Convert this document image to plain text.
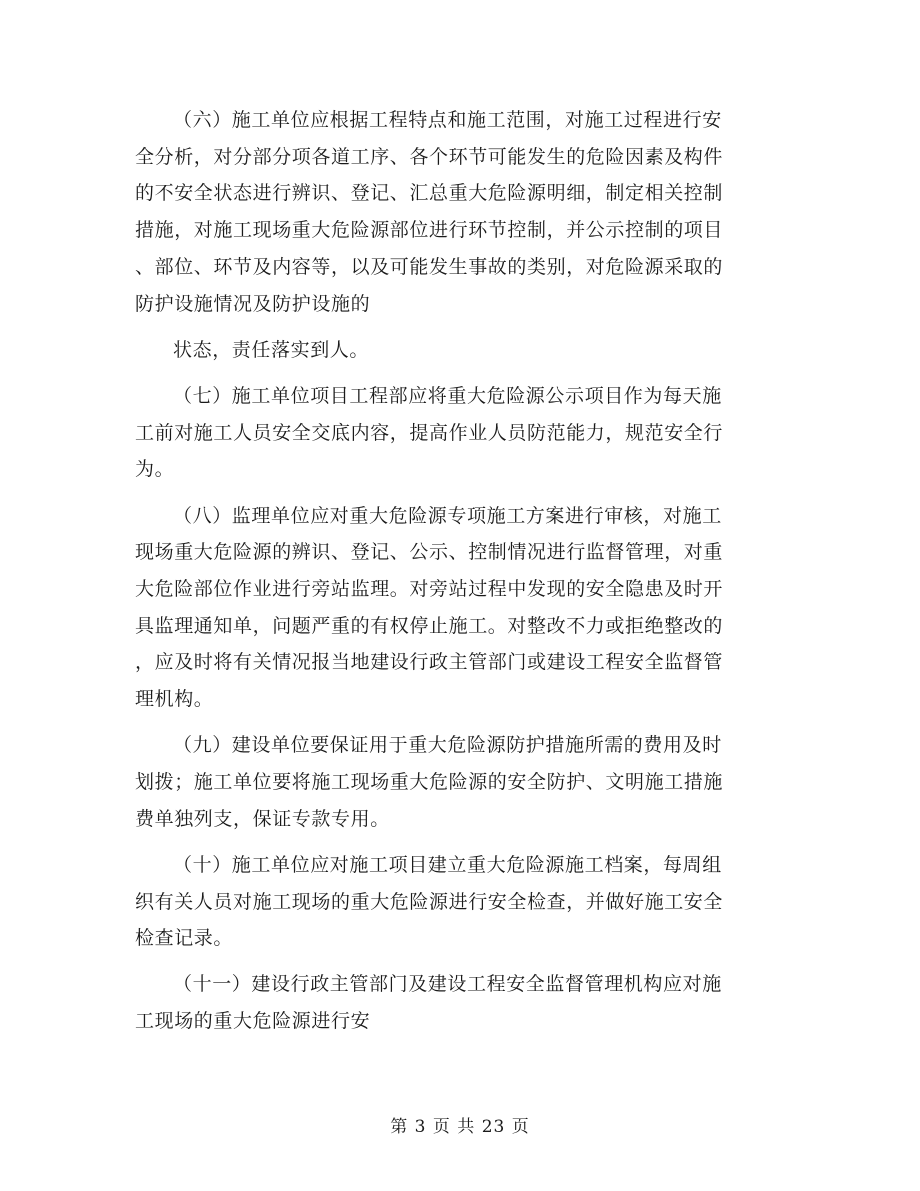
（六）施工单位应根据工程特点和施工范围，对施工过程进行安
全分析，对分部分项各道工序、各个环节可能发生的危险因素及构件
的不安全状态进行辨识、登记、汇总重大危险源明细，制定相关控制
措施，对施工现场重大危险源部位进行环节控制，并公示控制的项目
、部位、环节及内容等，以及可能发生事故的类别，对危险源采取的
防护设施情况及防护设施的

状态，责任落实到人。

（七）施工单位项目工程部应将重大危险源公示项目作为每天施
工前对施工人员安全交底内容，提高作业人员防范能力，规范安全行
为。

（八）监理单位应对重大危险源专项施工方案进行审核，对施工
现场重大危险源的辨识、登记、公示、控制情况进行监督管理，对重
大危险部位作业进行旁站监理。对旁站过程中发现的安全隐患及时开
具监理通知单，问题严重的有权停止施工。对整改不力或拒绝整改的
，应及时将有关情况报当地建设行政主管部门或建设工程安全监督管
理机构。

（九）建设单位要保证用于重大危险源防护措施所需的费用及时
划拨；施工单位要将施工现场重大危险源的安全防护、文明施工措施
费单独列支，保证专款专用。

（十）施工单位应对施工项目建立重大危险源施工档案，每周组
织有关人员对施工现场的重大危险源进行安全检查，并做好施工安全
检查记录。

（十一）建设行政主管部门及建设工程安全监督管理机构应对施
工现场的重大危险源进行安

第 3 页 共 23 页
